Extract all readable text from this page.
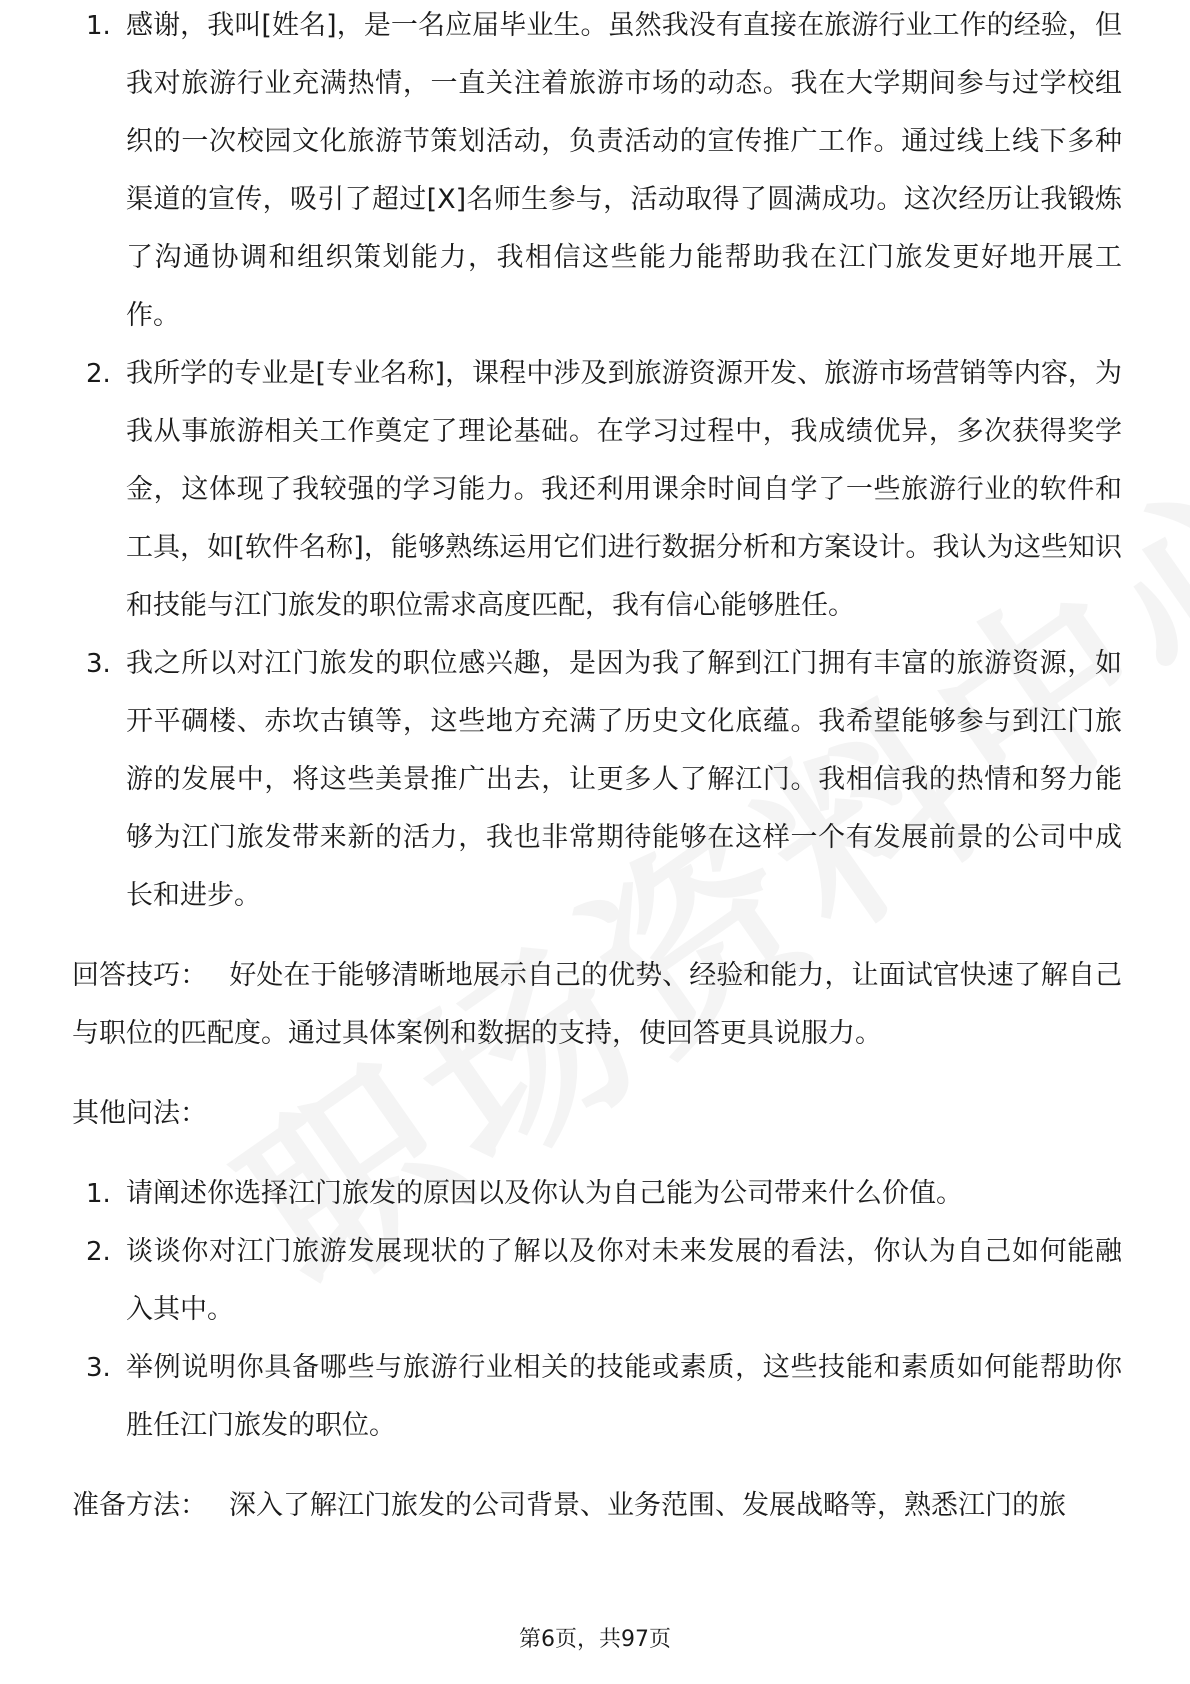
1. 感谢，我叫[姓名]，是一名应届毕业生。虽然我没有直接在旅游行业工作的经验，但我对旅游行业充满热情，一直关注着旅游市场的动态。我在大学期间参与过学校组织的一次校园文化旅游节策划活动，负责活动的宣传推广工作。通过线上线下多种渠道的宣传，吸引了超过[X]名师生参与，活动取得了圆满成功。这次经历让我锻炼了沟通协调和组织策划能力，我相信这些能力能帮助我在江门旅发更好地开展工作。
2. 我所学的专业是[专业名称]，课程中涉及到旅游资源开发、旅游市场营销等内容，为我从事旅游相关工作奠定了理论基础。在学习过程中，我成绩优异，多次获得奖学金，这体现了我较强的学习能力。我还利用课余时间自学了一些旅游行业的软件和工具，如[软件名称]，能够熟练运用它们进行数据分析和方案设计。我认为这些知识和技能与江门旅发的职位需求高度匹配，我有信心能够胜任。
3. 我之所以对江门旅发的职位感兴趣，是因为我了解到江门拥有丰富的旅游资源，如开平碉楼、赤坎古镇等，这些地方充满了历史文化底蕴。我希望能够参与到江门旅游的发展中，将这些美景推广出去，让更多人了解江门。我相信我的热情和努力能够为江门旅发带来新的活力，我也非常期待能够在这样一个有发展前景的公司中成长和进步。
回答技巧： 好处在于能够清晰地展示自己的优势、经验和能力，让面试官快速了解自己与职位的匹配度。通过具体案例和数据的支持，使回答更具说服力。
其他问法：
1. 请阐述你选择江门旅发的原因以及你认为自己能为公司带来什么价值。
2. 谈谈你对江门旅游发展现状的了解以及你对未来发展的看法，你认为自己如何能融入其中。
3. 举例说明你具备哪些与旅游行业相关的技能或素质，这些技能和素质如何能帮助你胜任江门旅发的职位。
准备方法： 深入了解江门旅发的公司背景、业务范围、发展战略等，熟悉江门的旅
第6页，共97页
